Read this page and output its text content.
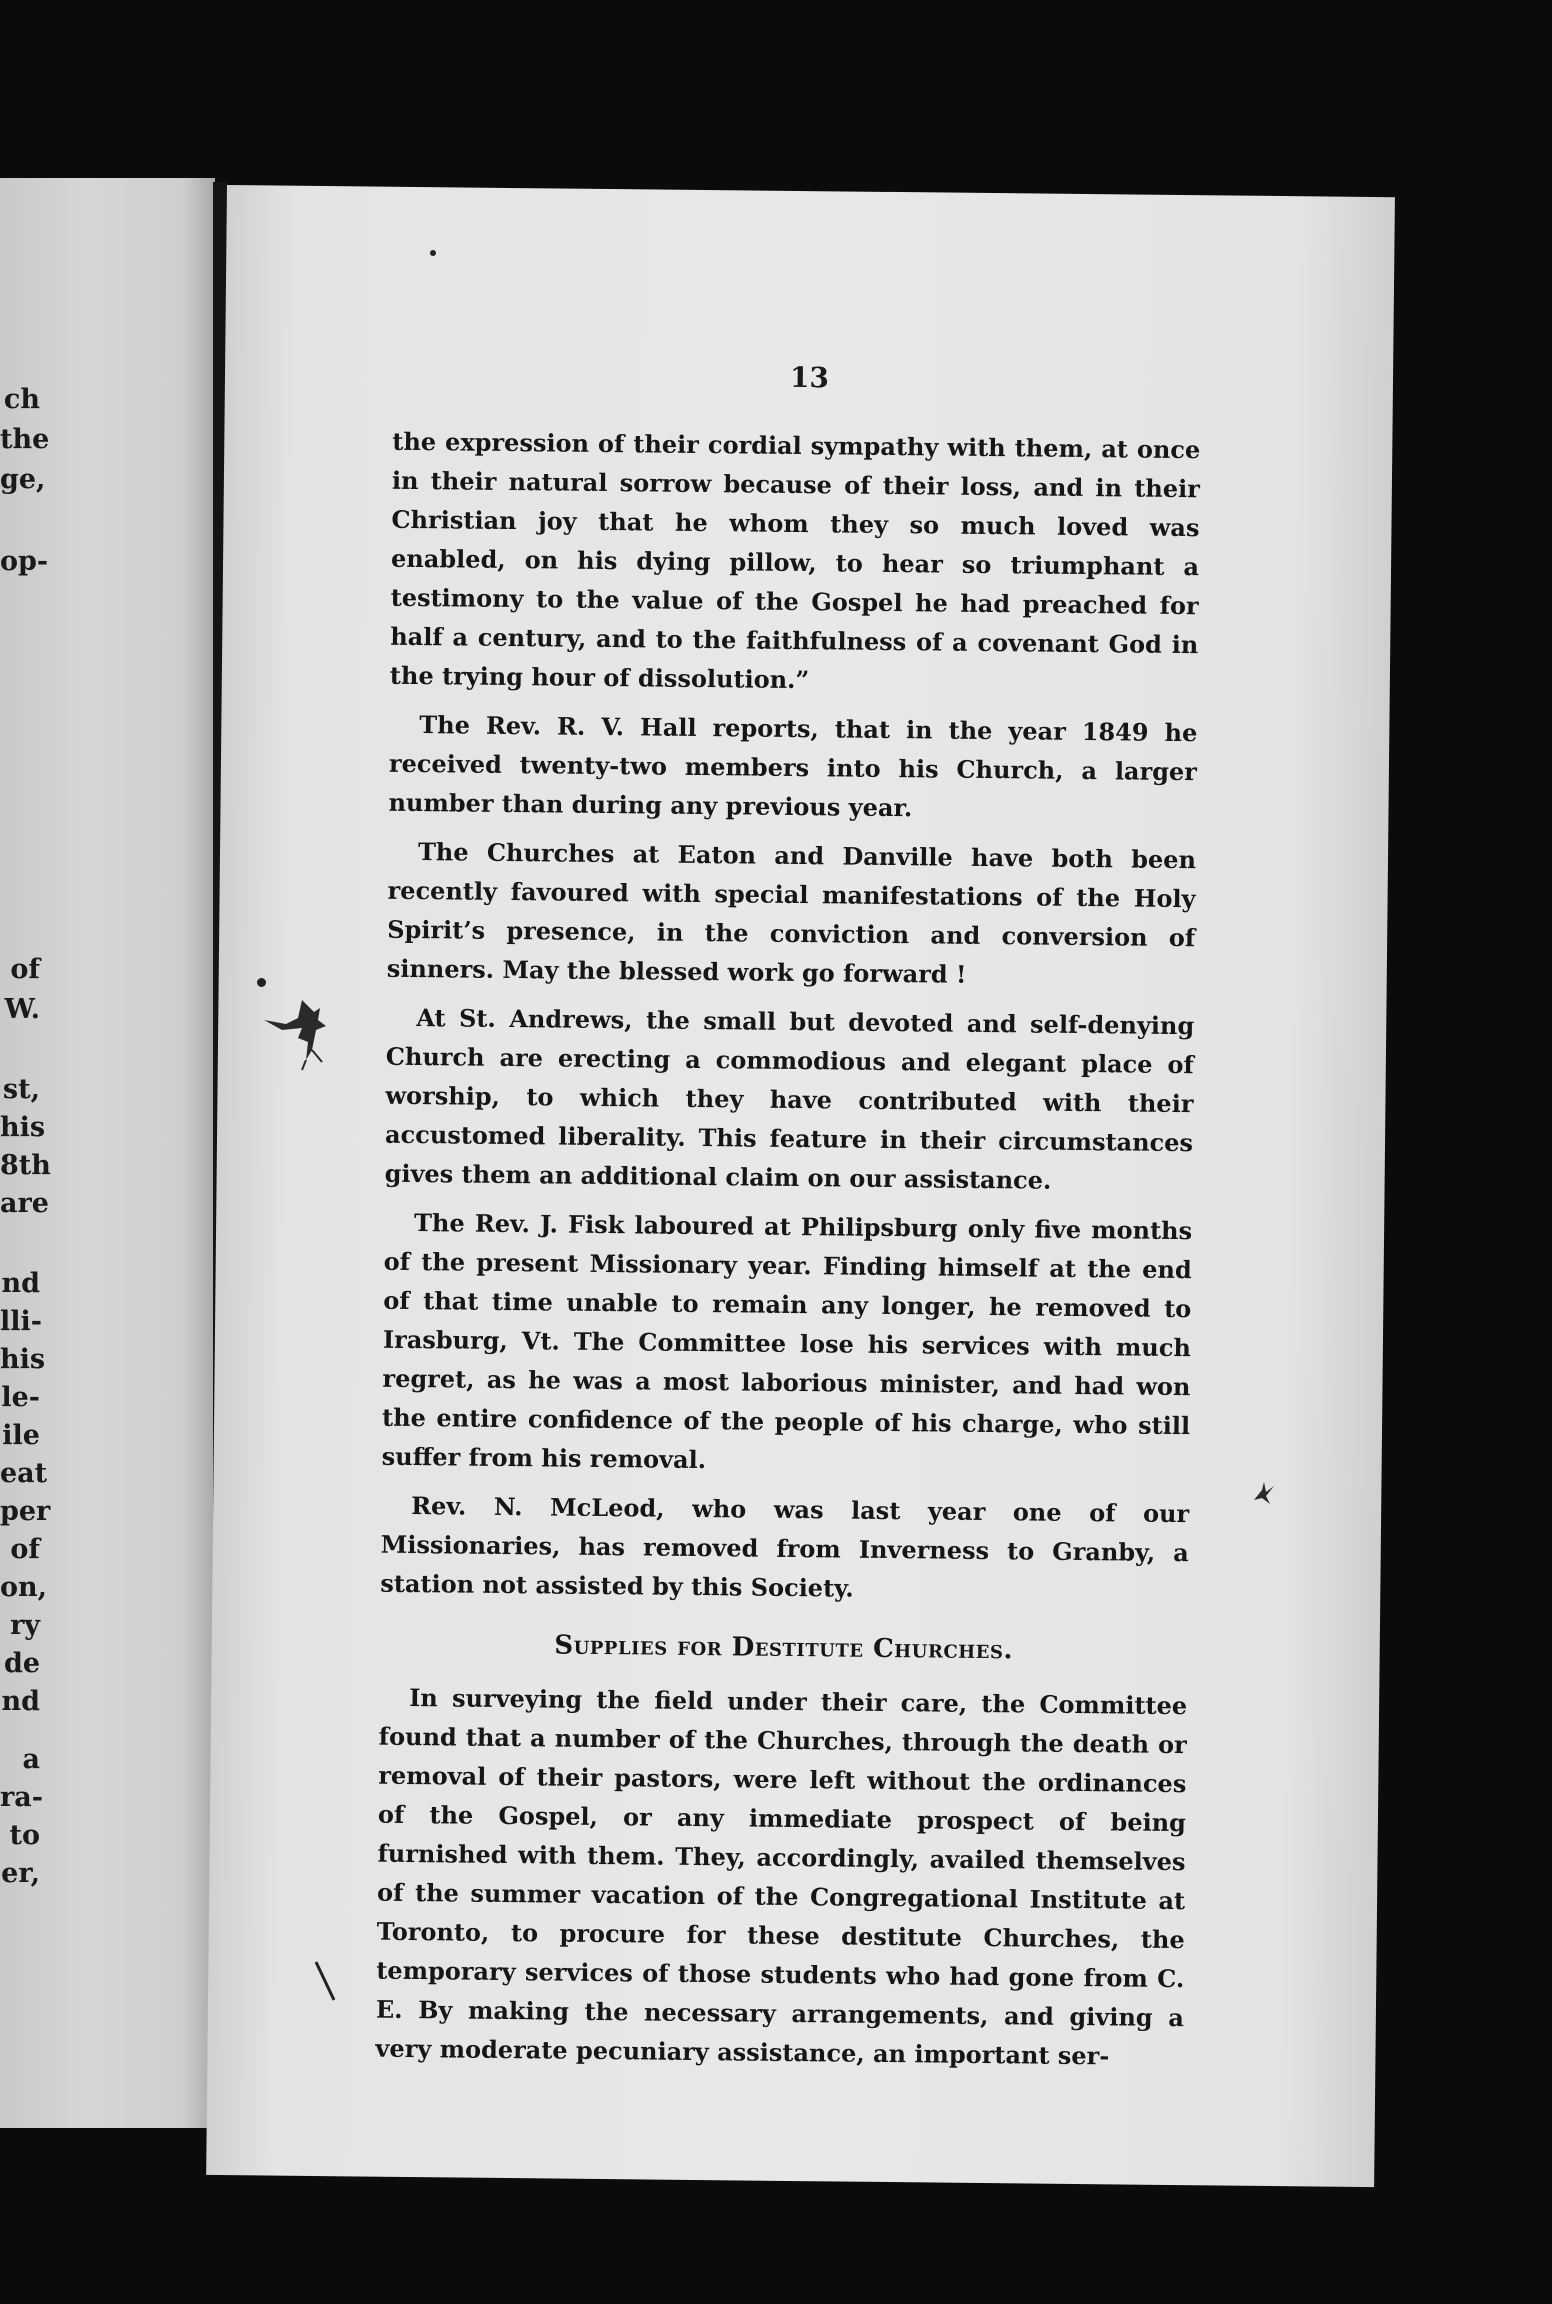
ch
the
ge,
op-
of
W.
st,
his
8th
are
nd
lli-
his
le-
ile
eat
per
of
on,
ry
de
nd
a
ra-
to
er,
13

the expression of their cordial sympathy with them, at once in their natural sorrow because of their loss, and in their Christian joy that he whom they so much loved was enabled, on his dying pillow, to hear so triumphant a testimony to the value of the Gospel he had preached for half a century, and to the faithfulness of a covenant God in the trying hour of dissolution.”

The Rev. R. V. Hall reports, that in the year 1849 he received twenty-two members into his Church, a larger number than during any previous year.

The Churches at Eaton and Danville have both been recently favoured with special manifestations of the Holy Spirit’s presence, in the conviction and conversion of sinners. May the blessed work go forward !

At St. Andrews, the small but devoted and self-denying Church are erecting a commodious and elegant place of worship, to which they have contributed with their accustomed liberality. This feature in their circumstances gives them an additional claim on our assistance.

The Rev. J. Fisk laboured at Philipsburg only five months of the present Missionary year. Finding himself at the end of that time unable to remain any longer, he removed to Irasburg, Vt. The Committee lose his services with much regret, as he was a most laborious minister, and had won the entire confidence of the people of his charge, who still suffer from his removal.

Rev. N. McLeod, who was last year one of our Missionaries, has removed from Inverness to Granby, a station not assisted by this Society.

Supplies for Destitute Churches.

In surveying the field under their care, the Committee found that a number of the Churches, through the death or removal of their pastors, were left without the ordinances of the Gospel, or any immediate prospect of being furnished with them. They, accordingly, availed themselves of the summer vacation of the Congregational Institute at Toronto, to procure for these destitute Churches, the temporary services of those students who had gone from C. E. By making the necessary arrangements, and giving a very moderate pecuniary assistance, an important ser-
